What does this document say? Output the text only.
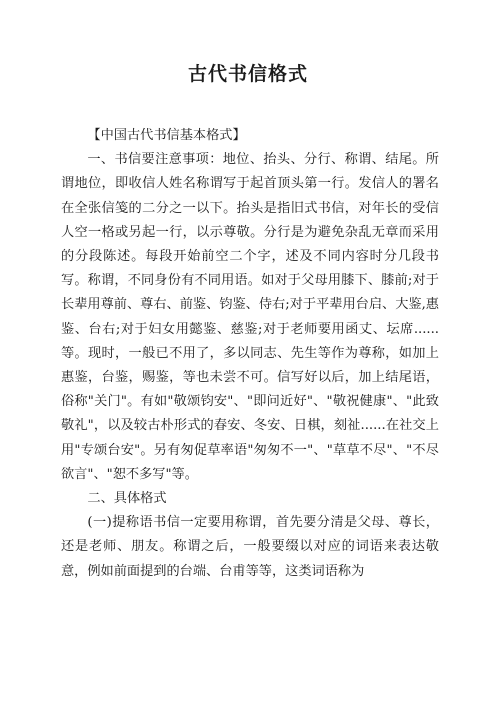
古代书信格式

【中国古代书信基本格式】

一、书信要注意事项：地位、抬头、分行、称谓、结尾。所谓地位，即收信人姓名称谓写于起首顶头第一行。发信人的署名在全张信笺的二分之一以下。抬头是指旧式书信，对年长的受信人空一格或另起一行，以示尊敬。分行是为避免杂乱无章而采用的分段陈述。每段开始前空二个字，述及不同内容时分几段书写。称谓，不同身份有不同用语。如对于父母用膝下、膝前;对于长辈用尊前、尊右、前鉴、钧鉴、侍右;对于平辈用台启、大鉴,惠鉴、台右;对于妇女用懿鉴、慈鉴;对于老师要用函丈、坛席......等。现时，一般已不用了，多以同志、先生等作为尊称，如加上惠鉴，台鉴，赐鉴，等也未尝不可。信写好以后，加上结尾语，俗称"关门"。有如"敬颂钧安"、"即问近好"、"敬祝健康"、"此致敬礼"，以及较古朴形式的春安、冬安、日棋，刻祉......在社交上用"专颂台安"。另有匆促草率语"匆匆不一"、"草草不尽"、"不尽欲言"、"恕不多写"等。

二、具体格式

(一)提称语书信一定要用称谓，首先要分清是父母、尊长，还是老师、朋友。称谓之后，一般要缀以对应的词语来表达敬意，例如前面提到的台端、台甫等等，这类词语称为
